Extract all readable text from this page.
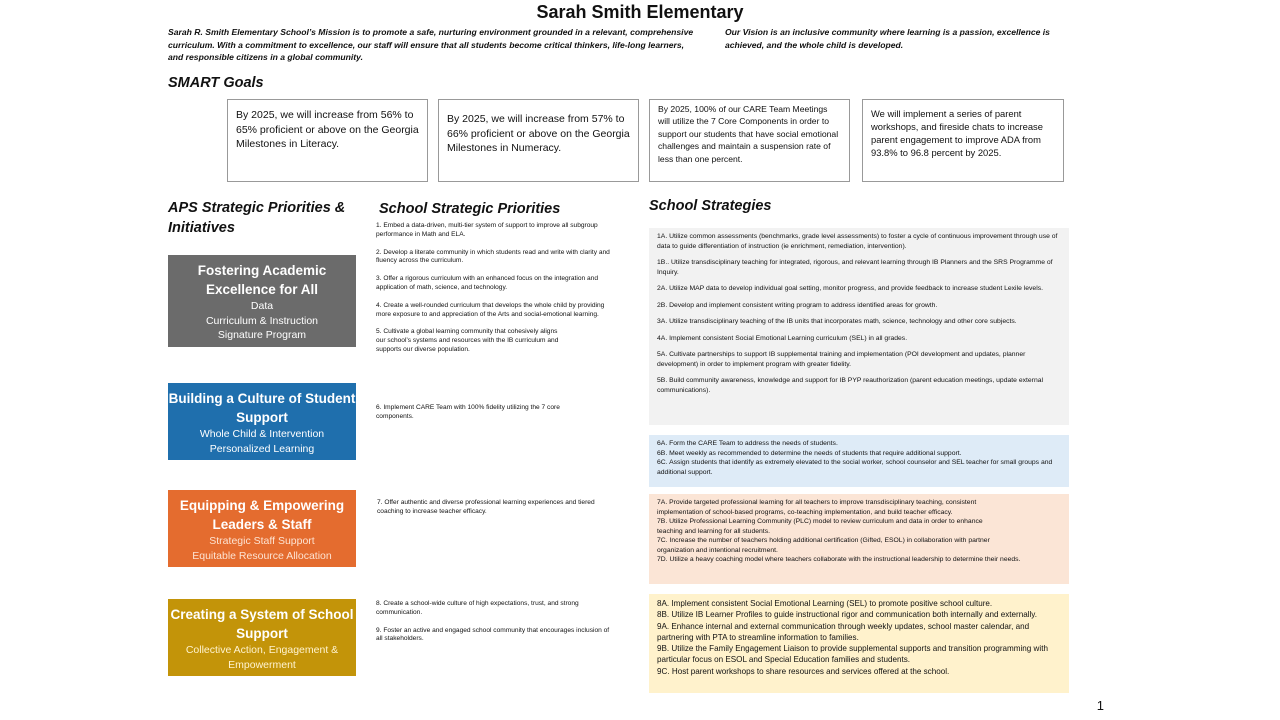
Sarah Smith Elementary
Sarah R. Smith Elementary School’s Mission is to promote a safe, nurturing environment grounded in a relevant, comprehensive curriculum. With a commitment to excellence, our staff will ensure that all students become critical thinkers, life-long learners, and responsible citizens in a global community.
Our Vision is an inclusive community where learning is a passion, excellence is achieved, and the whole child is developed.
SMART Goals
By 2025, we will increase from 56% to 65% proficient or above on the Georgia Milestones in Literacy.
By 2025, we will increase from 57% to 66% proficient or above on the Georgia Milestones in Numeracy.
By 2025, 100% of our CARE Team Meetings will utilize the 7 Core Components in order to support our students that have social emotional challenges and maintain a suspension rate of less than one percent.
We will implement a series of parent workshops, and fireside chats to increase parent engagement to improve ADA from 93.8% to 96.8 percent by 2025.
APS Strategic Priorities & Initiatives
School Strategic Priorities	School Strategies
Fostering Academic Excellence for All
Data
Curriculum & Instruction
Signature Program
Building a Culture of Student Support
Whole Child & Intervention
Personalized Learning
Equipping & Empowering Leaders & Staff
Strategic Staff Support
Equitable Resource Allocation
Creating a System of School Support
Collective Action, Engagement & Empowerment

1. Embed a data-driven, multi-tier system of support to improve all subgroup performance in Math and ELA.

2. Develop a literate community in which students read and write with clarity and fluency across the curriculum.

3. Offer a rigorous curriculum with an enhanced focus on the integration and application of math, science, and technology.

4. Create a well-rounded curriculum that develops the whole child by providing more exposure to and appreciation of the Arts and social-emotional learning.

5. Cultivate a global learning community that cohesively aligns our school’s systems and resources with the IB curriculum and supports our diverse population.

6. Implement CARE Team with 100% fidelity utilizing the 7 core components.

7. Offer authentic and diverse professional learning experiences and tiered coaching to increase teacher efficacy.

8. Create a school-wide culture of high expectations, trust, and strong communication.

9. Foster an active and engaged school community that encourages inclusion of all stakeholders.

1A. Utilize common assessments (benchmarks, grade level assessments) to foster a cycle of continuous improvement through use of data to guide differentiation of instruction (ie enrichment, remediation, intervention).

1B.. Utilize transdisciplinary teaching for integrated, rigorous, and relevant learning through IB Planners and the SRS Programme of Inquiry.

2A. Utilize MAP data to develop individual goal setting, monitor progress, and provide feedback to increase student Lexile levels.

2B. Develop and implement consistent writing program to address identified areas for growth.

3A. Utilize transdisciplinary teaching of the IB units that incorporates math, science, technology and other core subjects.

4A. Implement consistent Social Emotional Learning curriculum (SEL) in all grades.

5A. Cultivate partnerships to support IB supplemental training and implementation (POI development and updates, planner development) in order to implement program with greater fidelity.

5B. Build community awareness, knowledge and support for IB PYP reauthorization (parent education meetings, update external communications).

6A. Form the CARE Team to address the needs of students.
6B. Meet weekly as recommended to determine the needs of students that require additional support.
6C. Assign students that identify as extremely elevated to the social worker, school counselor and SEL teacher for small groups and additional support.
7A. Provide targeted professional learning for all teachers to improve transdisciplinary teaching, consistent implementation of school-based programs, co-teaching implementation, and build teacher efficacy.
7B. Utilize Professional Learning Community (PLC) model to review curriculum and data in order to enhance teaching and learning for all students.
7C. Increase the number of teachers holding additional certification (Gifted, ESOL) in collaboration with partner organization and intentional recruitment.
7D. Utilize a heavy coaching model where teachers collaborate with the instructional leadership to determine their needs.
8A. Implement consistent Social Emotional Learning (SEL) to promote positive school culture.
8B. Utilize IB Learner Profiles to guide instructional rigor and communication both internally and externally.
9A. Enhance internal and external communication through weekly updates, school master calendar, and partnering with PTA to streamline information to families.
9B. Utilize the Family Engagement Liaison to provide supplemental supports and transition programming with particular focus on ESOL and Special Education families and students.
9C. Host parent workshops to share resources and services offered at the school.
1
